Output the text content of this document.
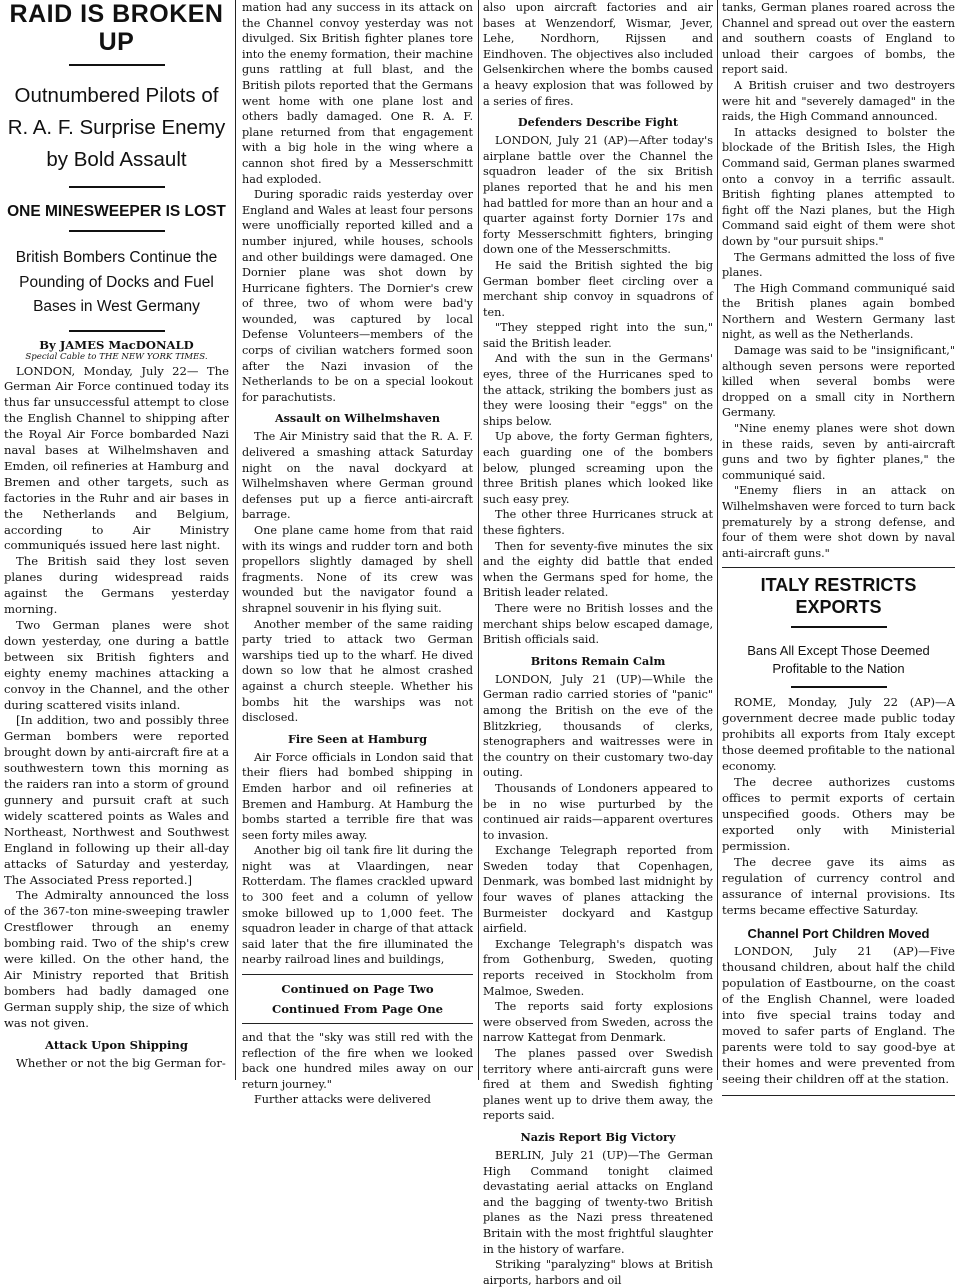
RAID IS BROKEN UP
Outnumbered Pilots of R. A. F. Surprise Enemy by Bold Assault
ONE MINESWEEPER IS LOST
British Bombers Continue the Pounding of Docks and Fuel Bases in West Germany
By JAMES MacDONALD
Special Cable to THE NEW YORK TIMES.

LONDON, Monday, July 22— The German Air Force continued today its thus far unsuccessful attempt to close the English Channel to shipping after the Royal Air Force bombarded Nazi naval bases at Wilhelmshaven and Emden, oil refineries at Hamburg and Bremen and other targets, such as factories in the Ruhr and air bases in the Netherlands and Belgium, according to Air Ministry communiqués issued here last night.

The British said they lost seven planes during widespread raids against the Germans yesterday morning.

Two German planes were shot down yesterday, one during a battle between six British fighters and eighty enemy machines attacking a convoy in the Channel, and the other during scattered visits inland.

[In addition, two and possibly three German bombers were reported brought down by anti-aircraft fire at a southwestern town this morning as the raiders ran into a storm of ground gunnery and pursuit craft at such widely scattered points as Wales and Northeast, Northwest and Southwest England in following up their all-day attacks of Saturday and yesterday, The Associated Press reported.]

The Admiralty announced the loss of the 367-ton mine-sweeping trawler Crestflower through an enemy bombing raid. Two of the ship's crew were killed. On the other hand, the Air Ministry reported that British bombers had badly damaged one German supply ship, the size of which was not given.

Attack Upon Shipping

Whether or not the big German for-

mation had any success in its attack on the Channel convoy yesterday was not divulged. Six British fighter planes tore into the enemy formation, their machine guns rattling at full blast, and the British pilots reported that the Germans went home with one plane lost and others badly damaged. One R. A. F. plane returned from that engagement with a big hole in the wing where a cannon shot fired by a Messerschmitt had exploded.

During sporadic raids yesterday over England and Wales at least four persons were unofficially reported killed and a number injured, while houses, schools and other buildings were damaged. One Dornier plane was shot down by Hurricane fighters. The Dornier's crew of three, two of whom were bad'y wounded, was captured by local Defense Volunteers—members of the corps of civilian watchers formed soon after the Nazi invasion of the Netherlands to be on a special lookout for parachutists.

Assault on Wilhelmshaven

The Air Ministry said that the R. A. F. delivered a smashing attack Saturday night on the naval dockyard at Wilhelmshaven where German ground defenses put up a fierce anti-aircraft barrage.

One plane came home from that raid with its wings and rudder torn and both propellors slightly damaged by shell fragments. None of its crew was wounded but the navigator found a shrapnel souvenir in his flying suit.

Another member of the same raiding party tried to attack two German warships tied up to the wharf. He dived down so low that he almost crashed against a church steeple. Whether his bombs hit the warships was not disclosed.

Fire Seen at Hamburg

Air Force officials in London said that their fliers had bombed shipping in Emden harbor and oil refineries at Bremen and Hamburg. At Hamburg the bombs started a terrible fire that was seen forty miles away.

Another big oil tank fire lit during the night was at Vlaardingen, near Rotterdam. The flames crackled upward to 300 feet and a column of yellow smoke billowed up to 1,000 feet. The squadron leader in charge of that attack said later that the fire illuminated the nearby railroad lines and buildings,

Continued on Page Two
Continued From Page One

and that the "sky was still red with the reflection of the fire when we looked back one hundred miles away on our return journey."

Further attacks were delivered

also upon aircraft factories and air bases at Wenzendorf, Wismar, Jever, Lehe, Nordhorn, Rijssen and Eindhoven. The objectives also included Gelsenkirchen where the bombs caused a heavy explosion that was followed by a series of fires.

Defenders Describe Fight

LONDON, July 21 (AP)—After today's airplane battle over the Channel the squadron leader of the six British planes reported that he and his men had battled for more than an hour and a quarter against forty Dornier 17s and forty Messerschmitt fighters, bringing down one of the Messerschmitts.

He said the British sighted the big German bomber fleet circling over a merchant ship convoy in squadrons of ten.

"They stepped right into the sun," said the British leader.

And with the sun in the Germans' eyes, three of the Hurricanes sped to the attack, striking the bombers just as they were loosing their "eggs" on the ships below.

Up above, the forty German fighters, each guarding one of the bombers below, plunged screaming upon the three British planes which looked like such easy prey.

The other three Hurricanes struck at these fighters.

Then for seventy-five minutes the six and the eighty did battle that ended when the Germans sped for home, the British leader related.

There were no British losses and the merchant ships below escaped damage, British officials said.

Britons Remain Calm

LONDON, July 21 (UP)—While the German radio carried stories of "panic" among the British on the eve of the Blitzkrieg, thousands of clerks, stenographers and waitresses were in the country on their customary two-day outing.

Thousands of Londoners appeared to be in no wise purturbed by the continued air raids—apparent overtures to invasion.

Exchange Telegraph reported from Sweden today that Copenhagen, Denmark, was bombed last midnight by four waves of planes attacking the Burmeister dockyard and Kastgup airfield.

Exchange Telegraph's dispatch was from Gothenburg, Sweden, quoting reports received in Stockholm from Malmoe, Sweden.

The reports said forty explosions were observed from Sweden, across the narrow Kattegat from Denmark.

The planes passed over Swedish territory where anti-aircraft guns were fired at them and Swedish fighting planes went up to drive them away, the reports said.

Nazis Report Big Victory

BERLIN, July 21 (UP)—The German High Command tonight claimed devastating aerial attacks on England and the bagging of twenty-two British planes as the Nazi press threatened Britain with the most frightful slaughter in the history of warfare.

Striking "paralyzing" blows at British airports, harbors and oil

tanks, German planes roared across the Channel and spread out over the eastern and southern coasts of England to unload their cargoes of bombs, the report said.

A British cruiser and two destroyers were hit and "severely damaged" in the raids, the High Command announced.

In attacks designed to bolster the blockade of the British Isles, the High Command said, German planes swarmed onto a convoy in a terrific assault. British fighting planes attempted to fight off the Nazi planes, but the High Command said eight of them were shot down by "our pursuit ships."

The Germans admitted the loss of five planes.

The High Command communiqué said the British planes again bombed Northern and Western Germany last night, as well as the Netherlands.

Damage was said to be "insignificant," although seven persons were reported killed when several bombs were dropped on a small city in Northern Germany.

"Nine enemy planes were shot down in these raids, seven by anti-aircraft guns and two by fighter planes," the communiqué said.

"Enemy fliers in an attack on Wilhelmshaven were forced to turn back prematurely by a strong defense, and four of them were shot down by naval anti-aircraft guns."

ITALY RESTRICTS EXPORTS
Bans All Except Those Deemed Profitable to the Nation

ROME, Monday, July 22 (AP)—A government decree made public today prohibits all exports from Italy except those deemed profitable to the national economy.

The decree authorizes customs offices to permit exports of certain unspecified goods. Others may be exported only with Ministerial permission.

The decree gave its aims as regulation of currency control and assurance of internal provisions. Its terms became effective Saturday.

Channel Port Children Moved

LONDON, July 21 (AP)—Five thousand children, about half the child population of Eastbourne, on the coast of the English Channel, were loaded into five special trains today and moved to safer parts of England. The parents were told to say good-bye at their homes and were prevented from seeing their children off at the station.
